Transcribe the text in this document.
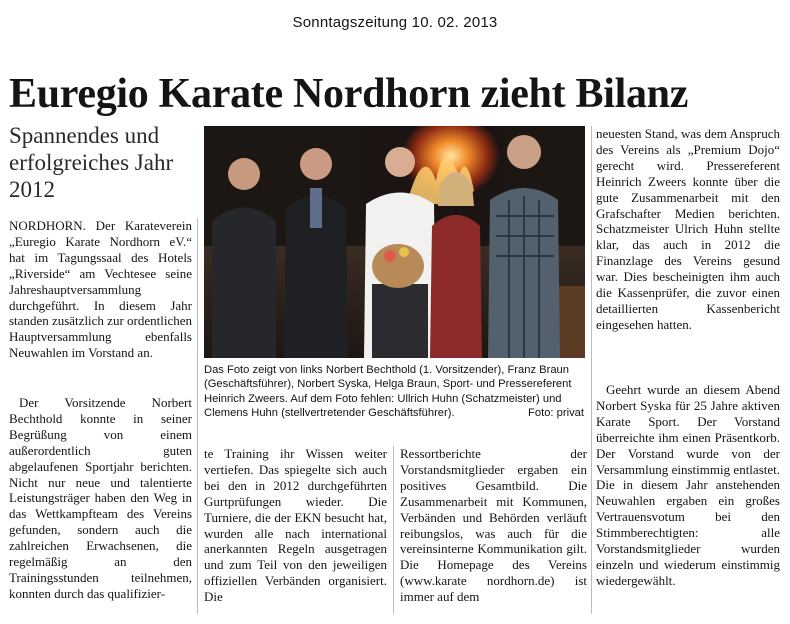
Sonntagszeitung 10. 02. 2013
Euregio Karate Nordhorn zieht Bilanz
Spannendes und erfolgreiches Jahr 2012
Das Foto zeigt von links Norbert Bechthold (1. Vorsitzender), Franz Braun (Geschäftsführer), Norbert Syska, Helga Braun, Sport- und Pressereferent Heinrich Zweers. Auf dem Foto fehlen: Ullrich Huhn (Schatzmeister) und Clemens Huhn (stellvertretender Geschäftsführer).	Foto: privat

NORDHORN. Der Karateverein „Euregio Karate Nordhorn eV.“ hat im Tagungssaal des Hotels „Riverside“ am Vechtesee seine Jahreshauptversammlung durchgeführt. In diesem Jahr standen zusätzlich zur ordentlichen Hauptversammlung ebenfalls Neuwahlen im Vorstand an.

Der Vorsitzende Norbert Bechthold konnte in seiner Begrüßung von einem außerordentlich guten abgelaufenen Sportjahr berichten. Nicht nur neue und talentierte Leistungsträger haben den Weg in das Wettkampfteam des Vereins gefunden, sondern auch die zahlreichen Erwachsenen, die regelmäßig an den Trainingsstunden teilnehmen, konnten durch das qualifizier-

te Training ihr Wissen weiter vertiefen. Das spiegelte sich auch bei den in 2012 durchgeführten Gurtprüfungen wieder. Die Turniere, die der EKN besucht hat, wurden alle nach international anerkannten Regeln ausgetragen und zum Teil von den jeweiligen offiziellen Verbänden organisiert. Die

Ressortberichte der Vorstandsmitglieder ergaben ein positives Gesamtbild. Die Zusammenarbeit mit Kommunen, Verbänden und Behörden verläuft reibungslos, was auch für die vereinsinterne Kommunikation gilt. Die Homepage des Vereins (www.karate nordhorn.de) ist immer auf dem

neuesten Stand, was dem Anspruch des Vereins als „Premium Dojo“ gerecht wird. Pressereferent Heinrich Zweers konnte über die gute Zusammenarbeit mit den Grafschafter Medien berichten. Schatzmeister Ulrich Huhn stellte klar, das auch in 2012 die Finanzlage des Vereins gesund war. Dies bescheinigten ihm auch die Kassenprüfer, die zuvor einen detaillierten Kassenbericht eingesehen hatten.

Geehrt wurde an diesem Abend Norbert Syska für 25 Jahre aktiven Karate Sport. Der Vorstand überreichte ihm einen Präsentkorb. Der Vorstand wurde von der Versammlung einstimmig entlastet. Die in diesem Jahr anstehenden Neuwahlen ergaben ein großes Vertrauensvotum bei den Stimmberechtigten: alle Vorstandsmitglieder wurden einzeln und wiederum einstimmig wiedergewählt.
